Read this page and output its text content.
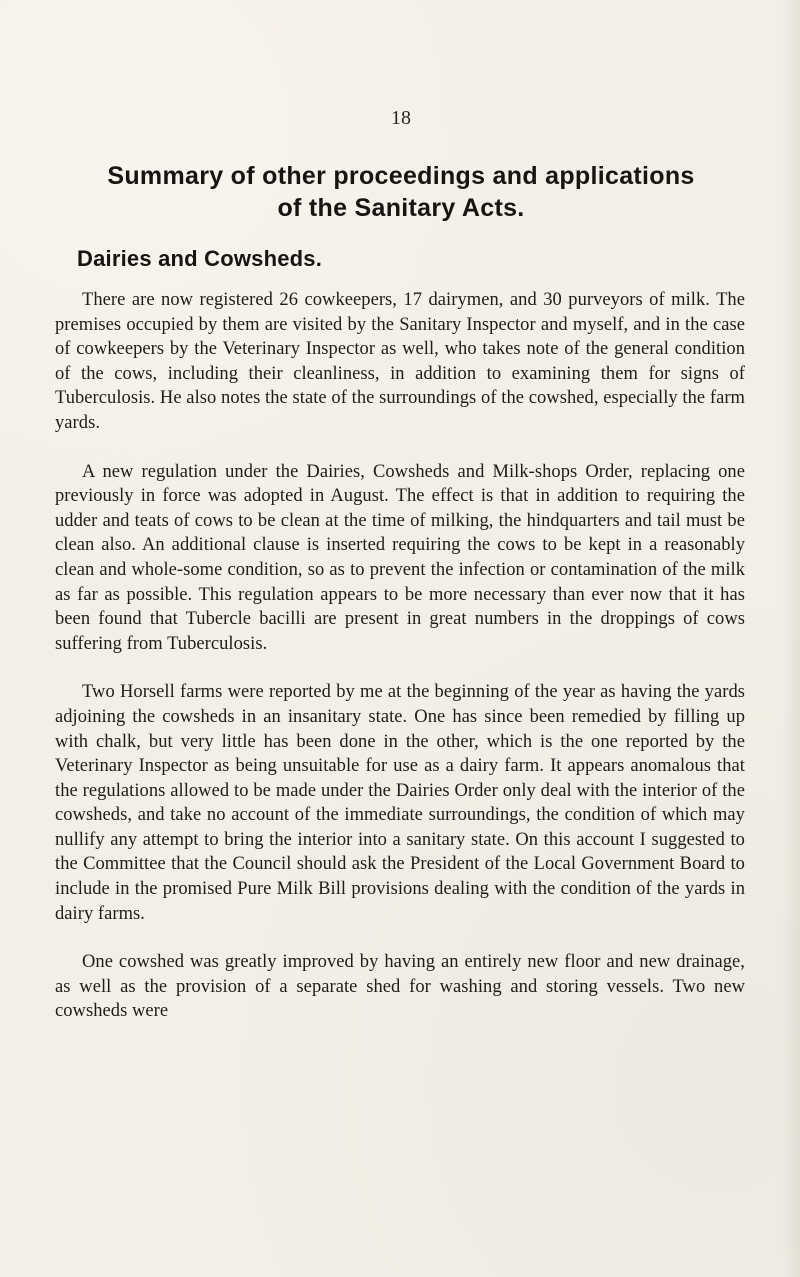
18
Summary of other proceedings and applications
of the Sanitary Acts.
Dairies and Cowsheds.

There are now registered 26 cowkeepers, 17 dairymen, and 30 purveyors of milk. The premises occupied by them are visited by the Sanitary Inspector and myself, and in the case of cowkeepers by the Veterinary Inspector as well, who takes note of the general condition of the cows, including their cleanliness, in addition to examining them for signs of Tuberculosis. He also notes the state of the surroundings of the cowshed, especially the farm yards.

A new regulation under the Dairies, Cowsheds and Milk-shops Order, replacing one previously in force was adopted in August. The effect is that in addition to requiring the udder and teats of cows to be clean at the time of milking, the hindquarters and tail must be clean also. An additional clause is inserted requiring the cows to be kept in a reasonably clean and whole-some condition, so as to prevent the infection or contamination of the milk as far as possible. This regulation appears to be more necessary than ever now that it has been found that Tubercle bacilli are present in great numbers in the droppings of cows suffering from Tuberculosis.

Two Horsell farms were reported by me at the beginning of the year as having the yards adjoining the cowsheds in an insanitary state. One has since been remedied by filling up with chalk, but very little has been done in the other, which is the one reported by the Veterinary Inspector as being unsuitable for use as a dairy farm. It appears anomalous that the regulations allowed to be made under the Dairies Order only deal with the interior of the cowsheds, and take no account of the immediate surroundings, the condition of which may nullify any attempt to bring the interior into a sanitary state. On this account I suggested to the Committee that the Council should ask the President of the Local Government Board to include in the promised Pure Milk Bill provisions dealing with the condition of the yards in dairy farms.

One cowshed was greatly improved by having an entirely new floor and new drainage, as well as the provision of a separate shed for washing and storing vessels. Two new cowsheds were
